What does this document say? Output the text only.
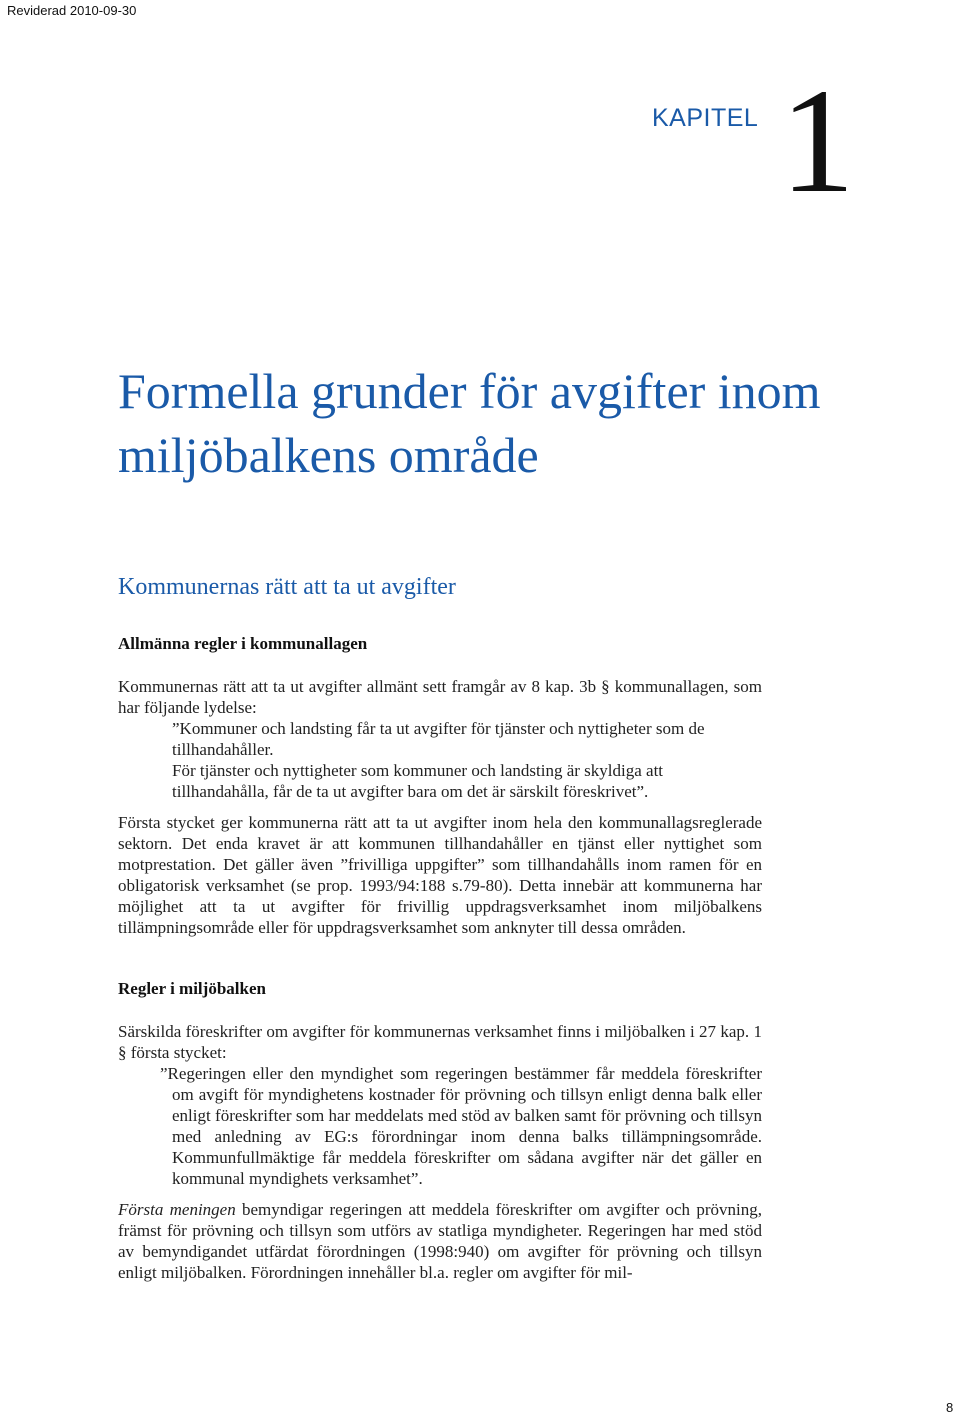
Reviderad 2010-09-30
KAPITEL 1
Formella grunder för avgifter inom miljöbalkens område
Kommunernas rätt att ta ut avgifter
Allmänna regler i kommunallagen

Kommunernas rätt att ta ut avgifter allmänt sett framgår av 8 kap. 3b § kommunallagen, som har följande lydelse:

”Kommuner och landsting får ta ut avgifter för tjänster och nyttigheter som de tillhandahåller.

För tjänster och nyttigheter som kommuner och landsting är skyldiga att tillhandahålla, får de ta ut avgifter bara om det är särskilt föreskrivet”.

Första stycket ger kommunerna rätt att ta ut avgifter inom hela den kommunallagsreglerade sektorn. Det enda kravet är att kommunen tillhandahåller en tjänst eller nyttighet som motprestation. Det gäller även ”frivilliga uppgifter” som tillhandahålls inom ramen för en obligatorisk verksamhet (se prop. 1993/94:188 s.79-80). Detta innebär att kommunerna har möjlighet att ta ut avgifter för frivillig uppdragsverksamhet inom miljöbalkens tillämpningsområde eller för uppdragsverksamhet som anknyter till dessa områden.

Regler i miljöbalken

Särskilda föreskrifter om avgifter för kommunernas verksamhet finns i miljöbalken i 27 kap. 1 § första stycket:

”Regeringen eller den myndighet som regeringen bestämmer får meddela föreskrifter om avgift för myndighetens kostnader för prövning och tillsyn enligt denna balk eller enligt föreskrifter som har meddelats med stöd av balken samt för prövning och tillsyn med anledning av EG:s förordningar inom denna balks tillämpningsområde. Kommunfullmäktige får meddela föreskrifter om sådana avgifter när det gäller en kommunal myndighets verksamhet”.

Första meningen bemyndigar regeringen att meddela föreskrifter om avgifter och prövning, främst för prövning och tillsyn som utförs av statliga myndigheter. Regeringen har med stöd av bemyndigandet utfärdat förordningen (1998:940) om avgifter för prövning och tillsyn enligt miljöbalken. Förordningen innehåller bl.a. regler om avgifter för mil-

8
